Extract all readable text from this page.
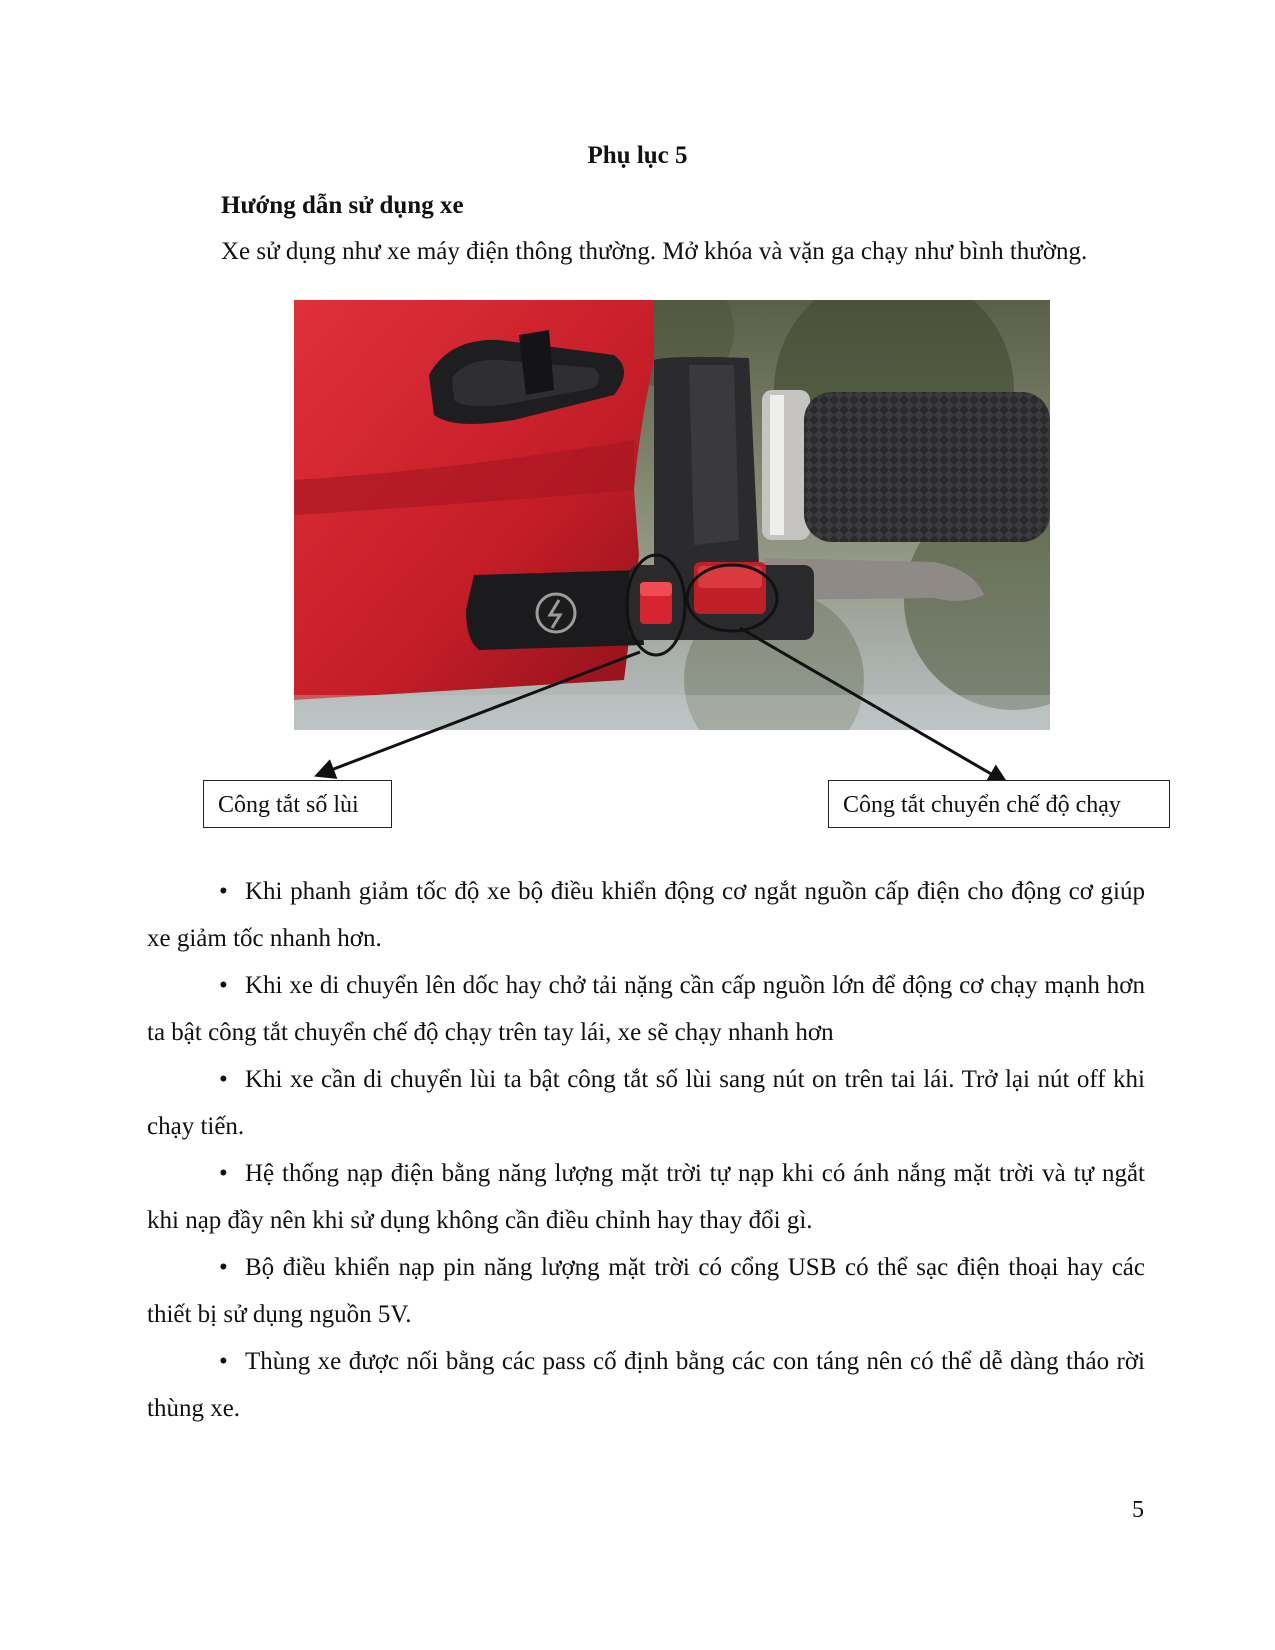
Phụ lục 5
Hướng dẫn sử dụng xe
Xe sử dụng như xe máy điện thông thường. Mở khóa và vặn ga chạy như bình thường.
Công tắt số lùi	Công tắt chuyển chế độ chạy
• Khi phanh giảm tốc độ xe bộ điều khiển động cơ ngắt nguồn cấp điện cho động cơ giúp xe giảm tốc nhanh hơn.
• Khi xe di chuyển lên dốc hay chở tải nặng cần cấp nguồn lớn để động cơ chạy mạnh hơn ta bật công tắt chuyển chế độ chạy trên tay lái, xe sẽ chạy nhanh hơn
• Khi xe cần di chuyển lùi ta bật công tắt số lùi sang nút on trên tai lái. Trở lại nút off khi chạy tiến.
• Hệ thống nạp điện bằng năng lượng mặt trời tự nạp khi có ánh nắng mặt trời và tự ngắt khi nạp đầy nên khi sử dụng không cần điều chỉnh hay thay đổi gì.
• Bộ điều khiển nạp pin năng lượng mặt trời có cổng USB có thể sạc điện thoại hay các thiết bị sử dụng nguồn 5V.
• Thùng xe được nối bằng các pass cố định bằng các con táng nên có thể dễ dàng tháo rời thùng xe.
5
